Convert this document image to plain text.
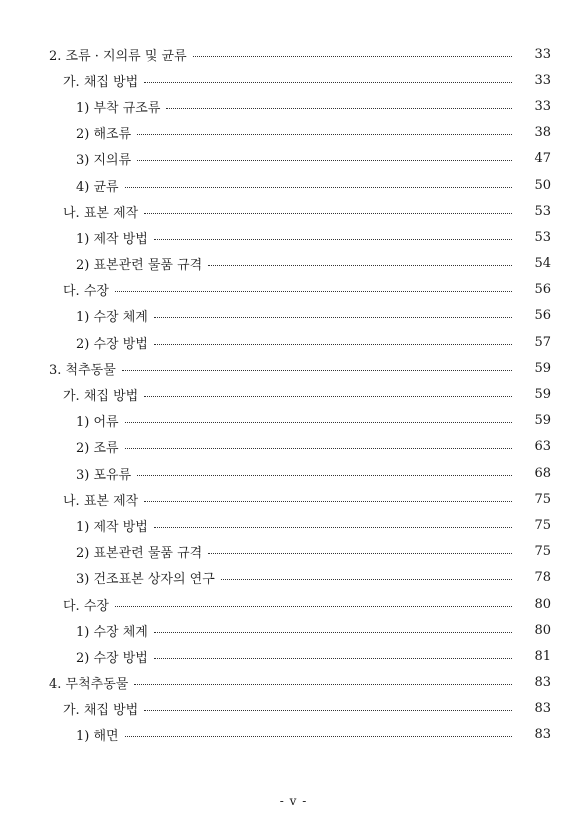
2. 조류 · 지의류 및 균류	33
가. 채집 방법	33
1) 부착 규조류	33
2) 해조류	38
3) 지의류	47
4) 균류	50
나. 표본 제작	53
1) 제작 방법	53
2) 표본관련 물품 규격	54
다. 수장	56
1) 수장 체계	56
2) 수장 방법	57
3. 척추동물	59
가. 채집 방법	59
1) 어류	59
2) 조류	63
3) 포유류	68
나. 표본 제작	75
1) 제작 방법	75
2) 표본관련 물품 규격	75
3) 건조표본 상자의 연구	78
다. 수장	80
1) 수장 체계	80
2) 수장 방법	81
4. 무척추동물	83
가. 채집 방법	83
1) 해면	83
- v -
